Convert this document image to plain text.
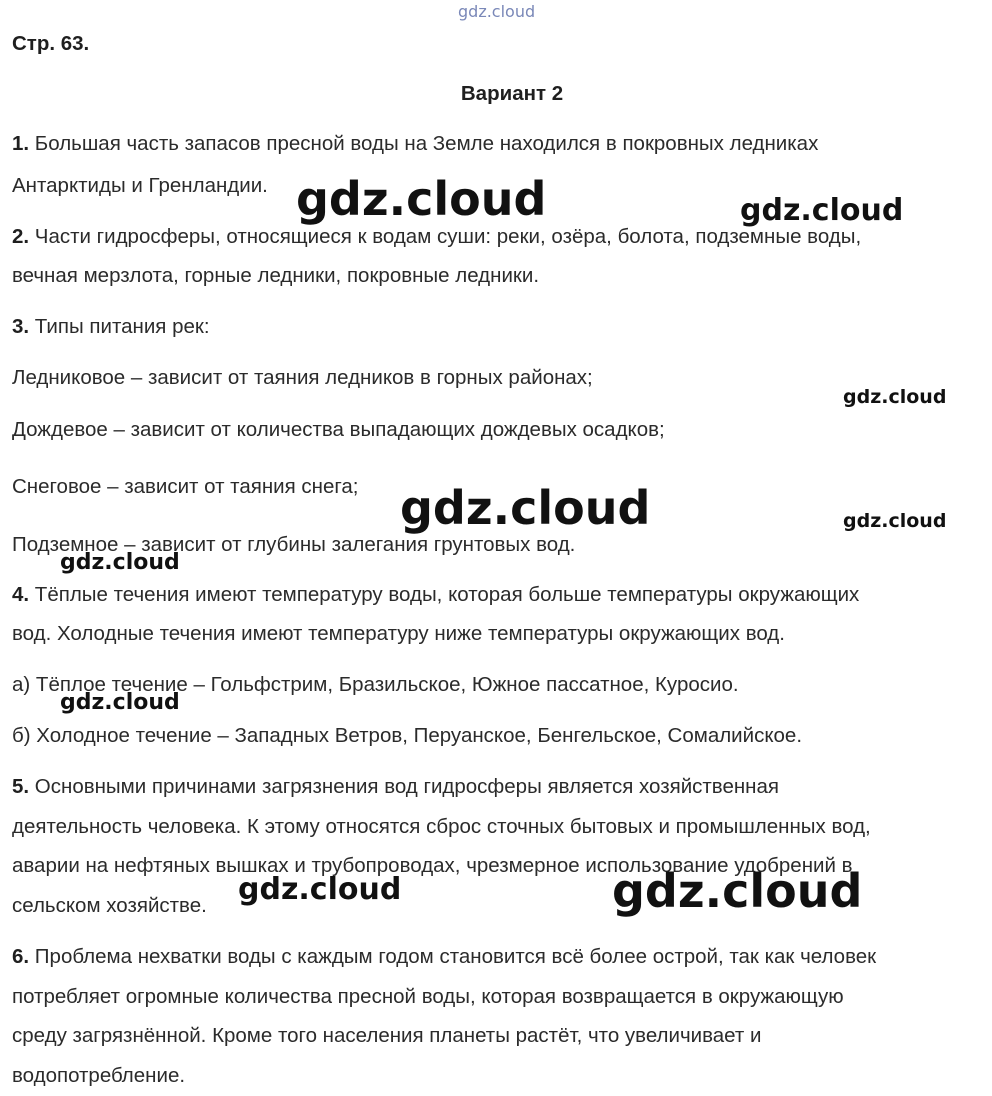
gdz.cloud
Стр. 63.
Вариант 2
1. Большая часть запасов пресной воды на Земле находился в покровных ледниках
Антарктиды и Гренландии.
2. Части гидросферы, относящиеся к водам суши: реки, озёра, болота, подземные воды,
вечная мерзлота, горные ледники, покровные ледники.
3. Типы питания рек:
Ледниковое – зависит от таяния ледников в горных районах;
Дождевое – зависит от количества выпадающих дождевых осадков;
Снеговое – зависит от таяния снега;
Подземное – зависит от глубины залегания грунтовых вод.
4. Тёплые течения имеют температуру воды, которая больше температуры окружающих
вод. Холодные течения имеют температуру ниже температуры окружающих вод.
а) Тёплое течение – Гольфстрим, Бразильское, Южное пассатное, Куросио.
б) Холодное течение – Западных Ветров, Перуанское, Бенгельское, Сомалийское.
5. Основными причинами загрязнения вод гидросферы является хозяйственная
деятельность человека. К этому относятся сброс сточных бытовых и промышленных вод,
аварии на нефтяных вышках и трубопроводах, чрезмерное использование удобрений в
сельском хозяйстве.
6. Проблема нехватки воды с каждым годом становится всё более острой, так как человек
потребляет огромные количества пресной воды, которая возвращается в окружающую
среду загрязнённой. Кроме того населения планеты растёт, что увеличивает и
водопотребление.
gdz.cloud	gdz.cloud
gdz.cloud
gdz.cloud	gdz.cloud
gdz.cloud
gdz.cloud
gdz.cloud	gdz.cloud
